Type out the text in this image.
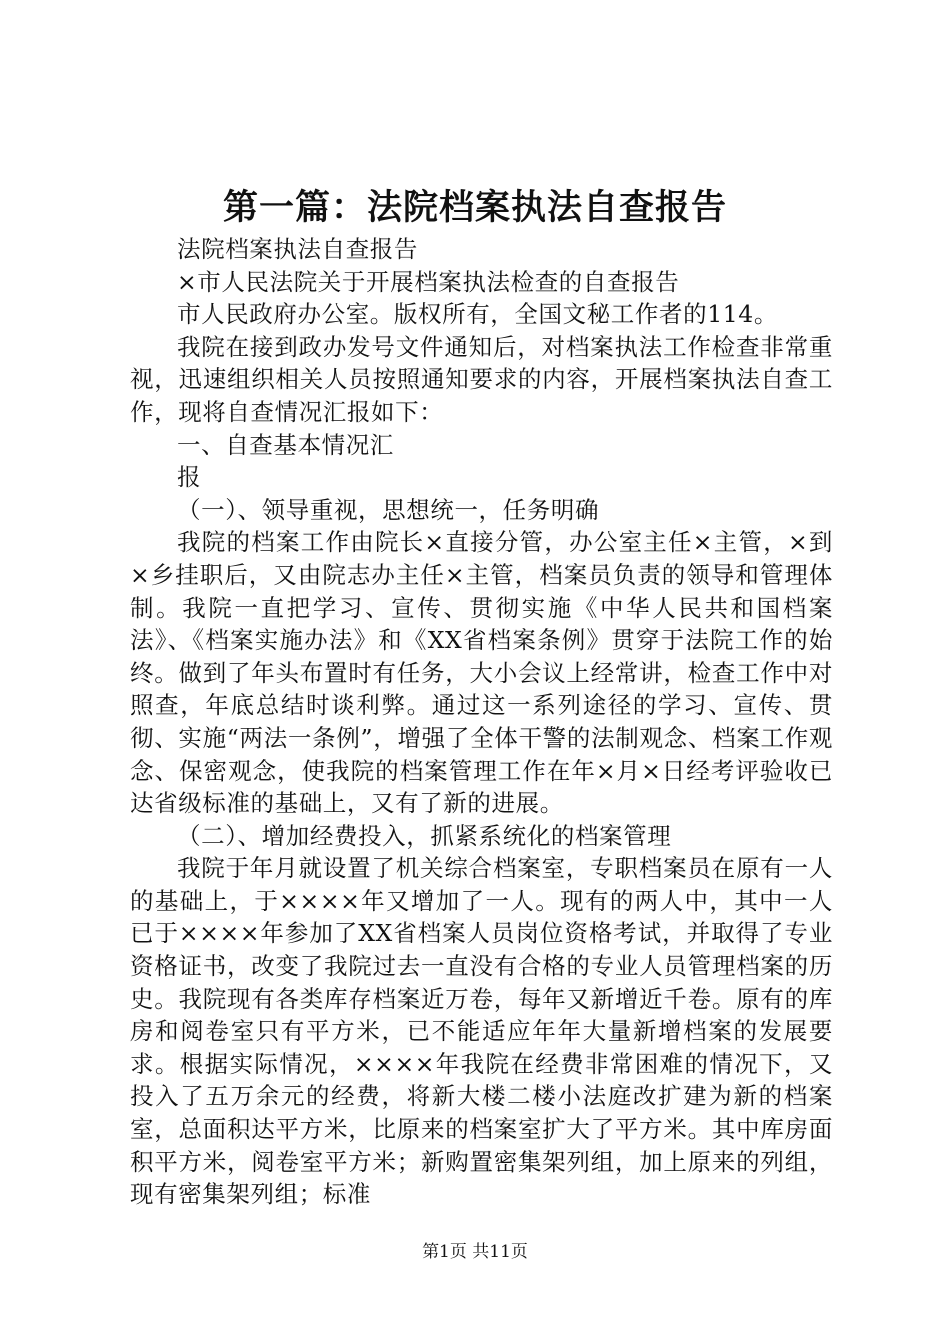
第一篇：法院档案执法自查报告

法院档案执法自查报告

×市人民法院关于开展档案执法检查的自查报告

市人民政府办公室。版权所有，全国文秘工作者的114。

我院在接到政办发号文件通知后，对档案执法工作检查非常重视，迅速组织相关人员按照通知要求的内容，开展档案执法自查工作，现将自查情况汇报如下：

一、自查基本情况汇

报

（一）、领导重视，思想统一，任务明确

我院的档案工作由院长×直接分管，办公室主任×主管，×到×乡挂职后，又由院志办主任×主管，档案员负责的领导和管理体制。我院一直把学习、宣传、贯彻实施《中华人民共和国档案法》、《档案实施办法》和《XX省档案条例》贯穿于法院工作的始终。做到了年头布置时有任务，大小会议上经常讲，检查工作中对照查，年底总结时谈利弊。通过这一系列途径的学习、宣传、贯彻、实施“两法一条例”，增强了全体干警的法制观念、档案工作观念、保密观念，使我院的档案管理工作在年×月×日经考评验收已达省级标准的基础上，又有了新的进展。

（二）、增加经费投入，抓紧系统化的档案管理

我院于年月就设置了机关综合档案室，专职档案员在原有一人的基础上，于××××年又增加了一人。现有的两人中，其中一人已于××××年参加了XX省档案人员岗位资格考试，并取得了专业资格证书，改变了我院过去一直没有合格的专业人员管理档案的历史。我院现有各类库存档案近万卷，每年又新增近千卷。原有的库房和阅卷室只有平方米，已不能适应年年大量新增档案的发展要求。根据实际情况，××××年我院在经费非常困难的情况下，又投入了五万余元的经费，将新大楼二楼小法庭改扩建为新的档案室，总面积达平方米，比原来的档案室扩大了平方米。其中库房面积平方米，阅卷室平方米；新购置密集架列组，加上原来的列组，现有密集架列组；标准

第1页 共11页
